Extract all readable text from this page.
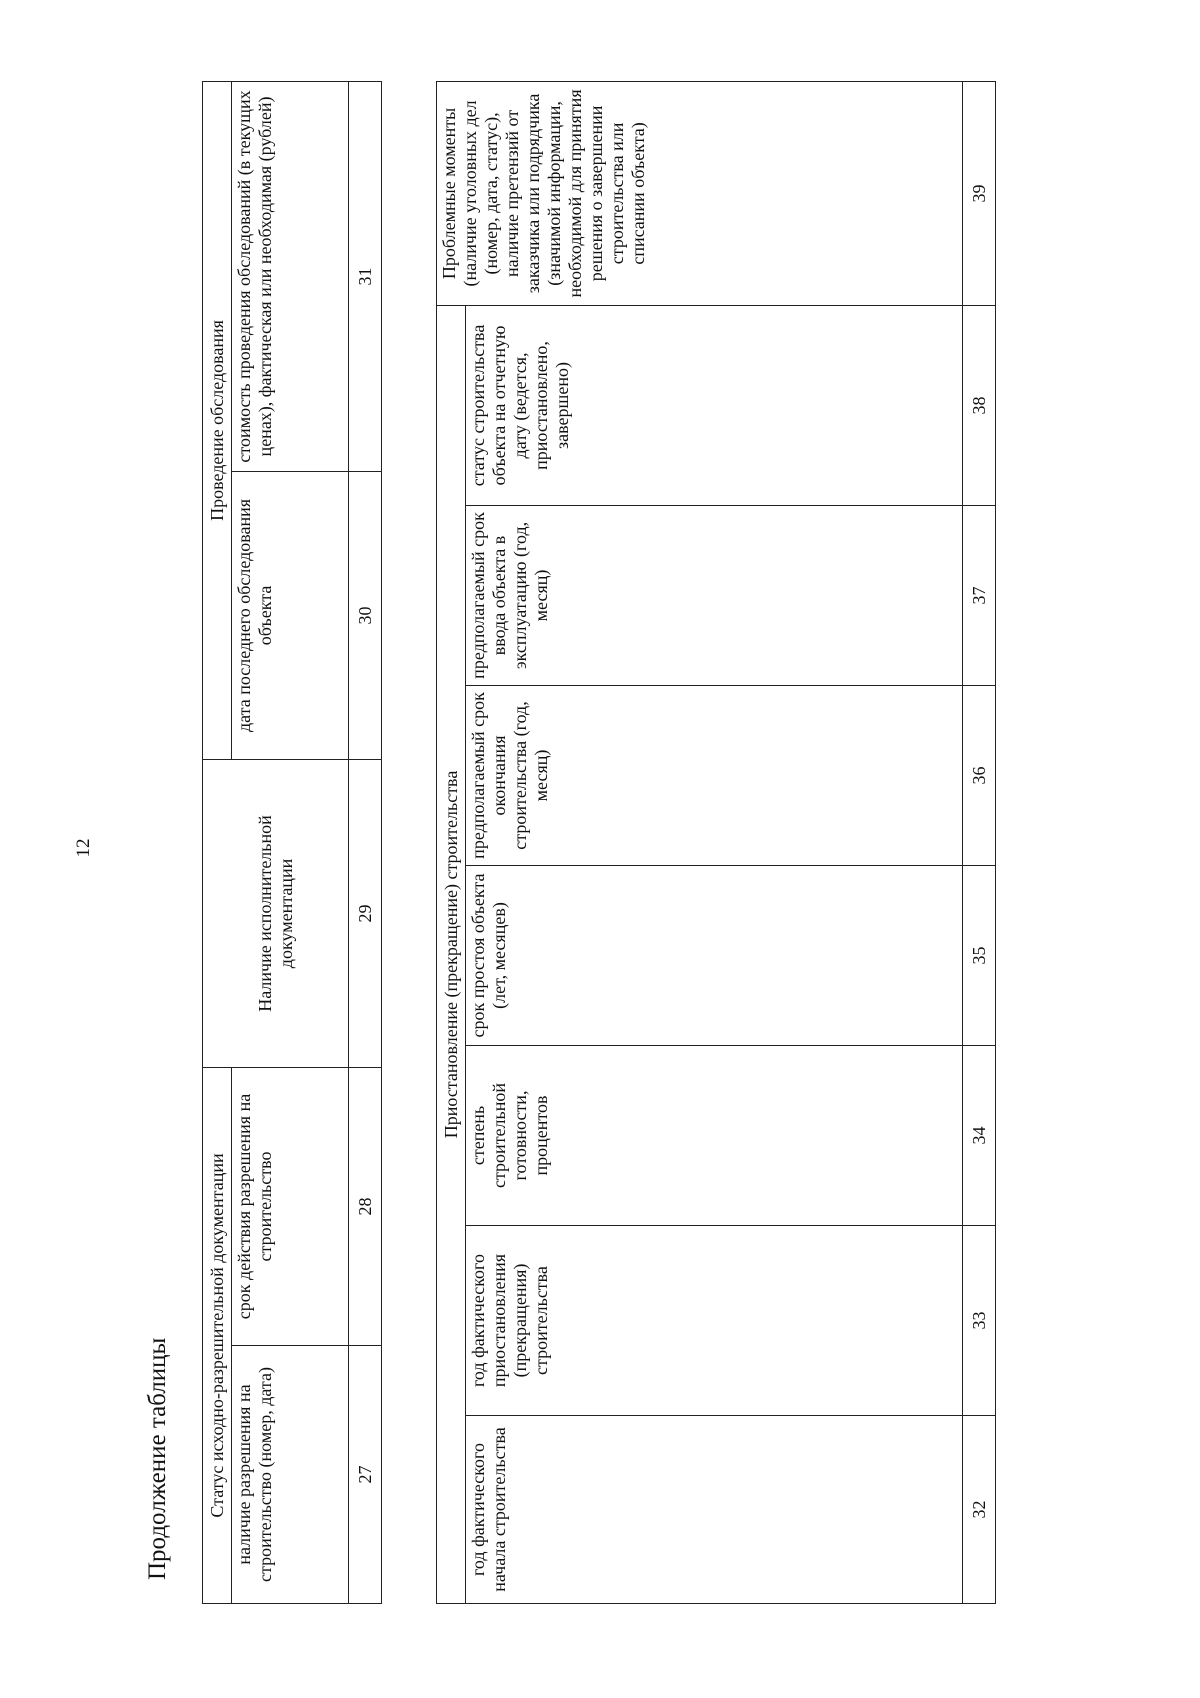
12
Продолжение таблицы	Статус исходно-разрешительной документации		Наличие исполнительной документации	Проведение обследования	
наличие разрешения на строительство (номер, дата)	срок действия разрешения на строительство		дата последнего обследования объекта	стоимость проведения обследований (в текущих ценах), фактическая или необходимая (рублей)
27	28	29	30	31
Приостановление (прекращение) строительства							Проблемные моменты (наличие уголовных дел (номер, дата, статус), наличие претензий от заказчика или подрядчика (значимой информации, необходимой для принятия решения о завершении строительства или списании объекта)
год фактического начала строительства	год фактического приостановления (прекращения) строительства	степень строительной готовности, процентов	срок простоя объекта (лет, месяцев)	предполагаемый срок окончания строительства (год, месяц)	предполагаемый срок ввода объекта в эксплуатацию (год, месяц)	статус строительства объекта на отчетную дату (ведется, приостановлено, завершено)	
32	33	34	35	36	37	38	39
